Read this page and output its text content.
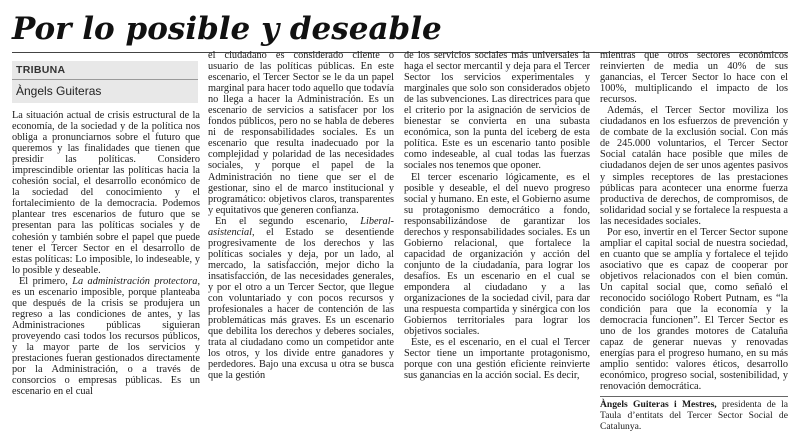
Por lo posible y deseable
TRIBUNA
Àngels Guiteras

La situación actual de crisis estructural de la economía, de la sociedad y de la política nos obliga a pronunciarnos sobre el futuro que queremos y las finalidades que tienen que presidir las políticas. Considero imprescindible orientar las políticas hacia la cohesión social, el desarrollo económico de la sociedad del conocimiento y el fortalecimiento de la democracia. Podemos plantear tres escenarios de futuro que se presentan para las políticas sociales y de cohesión y también sobre el papel que puede tener el Tercer Sector en el desarrollo de estas políticas: Lo imposible, lo indeseable, y lo posible y deseable.

El primero, La administración protectora, es un escenario imposible, porque planteaba que después de la crisis se produjera un regreso a las condiciones de antes, y las Administraciones públicas siguieran proveyendo casi todos los recursos públicos, y la mayor parte de los servicios y prestaciones fueran gestionados directamente por la Administración, o a través de consorcios o empresas públicas. Es un escenario en el cual

el ciudadano es considerado cliente o usuario de las políticas públicas. En este escenario, el Tercer Sector se le da un papel marginal para hacer todo aquello que todavía no llega a hacer la Administración. Es un escenario de servicios a satisfacer por los fondos públicos, pero no se habla de deberes ni de responsabilidades sociales. Es un escenario que resulta inadecuado por la complejidad y polaridad de las necesidades sociales, y porque el papel de la Administración no tiene que ser el de gestionar, sino el de marco institucional y programático: objetivos claros, transparentes y equitativos que generen confianza.

En el segundo escenario, Liberal-asistencial, el Estado se desentiende progresivamente de los derechos y las políticas sociales y deja, por un lado, al mercado, la satisfacción, mejor dicho la insatisfacción, de las necesidades generales, y por el otro a un Tercer Sector, que llegue con voluntariado y con pocos recursos y profesionales a hacer de contención de las problemáticas más graves. Es un escenario que debilita los derechos y deberes sociales, trata al ciudadano como un competidor ante los otros, y los divide entre ganadores y perdedores. Bajo una excusa u otra se busca que la gestión

de los servicios sociales más universales la haga el sector mercantil y deja para el Tercer Sector los servicios experimentales y marginales que solo son considerados objeto de las subvenciones. Las directrices para que el criterio por la asignación de servicios de bienestar se convierta en una subasta económica, son la punta del iceberg de esta política. Este es un escenario tanto posible como indeseable, al cual todas las fuerzas sociales nos tenemos que oponer.

El tercer escenario lógicamente, es el posible y deseable, el del nuevo progreso social y humano. En este, el Gobierno asume su protagonismo democrático a fondo, responsabilizándose de garantizar los derechos y responsabilidades sociales. Es un Gobierno relacional, que fortalece la capacidad de organización y acción del conjunto de la ciudadanía, para lograr los desafíos. Es un escenario en el cual se empondera al ciudadano y a las organizaciones de la sociedad civil, para dar una respuesta compartida y sinérgica con los Gobiernos territoriales para lograr los objetivos sociales.

Este, es el escenario, en el cual el Tercer Sector tiene un importante protagonismo, porque con una gestión eficiente reinvierte sus ganancias en la acción social. Es decir,

mientras que otros sectores económicos reinvierten de media un 40% de sus ganancias, el Tercer Sector lo hace con el 100%, multiplicando el impacto de los recursos.

Además, el Tercer Sector moviliza los ciudadanos en los esfuerzos de prevención y de combate de la exclusión social. Con más de 245.000 voluntarios, el Tercer Sector Social catalán hace posible que miles de ciudadanos dejen de ser unos agentes pasivos y simples receptores de las prestaciones públicas para acontecer una enorme fuerza productiva de derechos, de compromisos, de solidaridad social y se fortalece la respuesta a las necesidades sociales.

Por eso, invertir en el Tercer Sector supone ampliar el capital social de nuestra sociedad, en cuanto que se amplía y fortalece el tejido asociativo que es capaz de cooperar por objetivos relacionados con el bien común. Un capital social que, como señaló el reconocido sociólogo Robert Putnam, es “la condición para que la economía y la democracia funcionen”. El Tercer Sector es uno de los grandes motores de Cataluña capaz de generar nuevas y renovadas energías para el progreso humano, en su más amplio sentido: valores éticos, desarrollo económico, progreso social, sostenibilidad, y renovación democrática.

Àngels Guiteras i Mestres, presidenta de la Taula d’entitats del Tercer Sector Social de Catalunya.
